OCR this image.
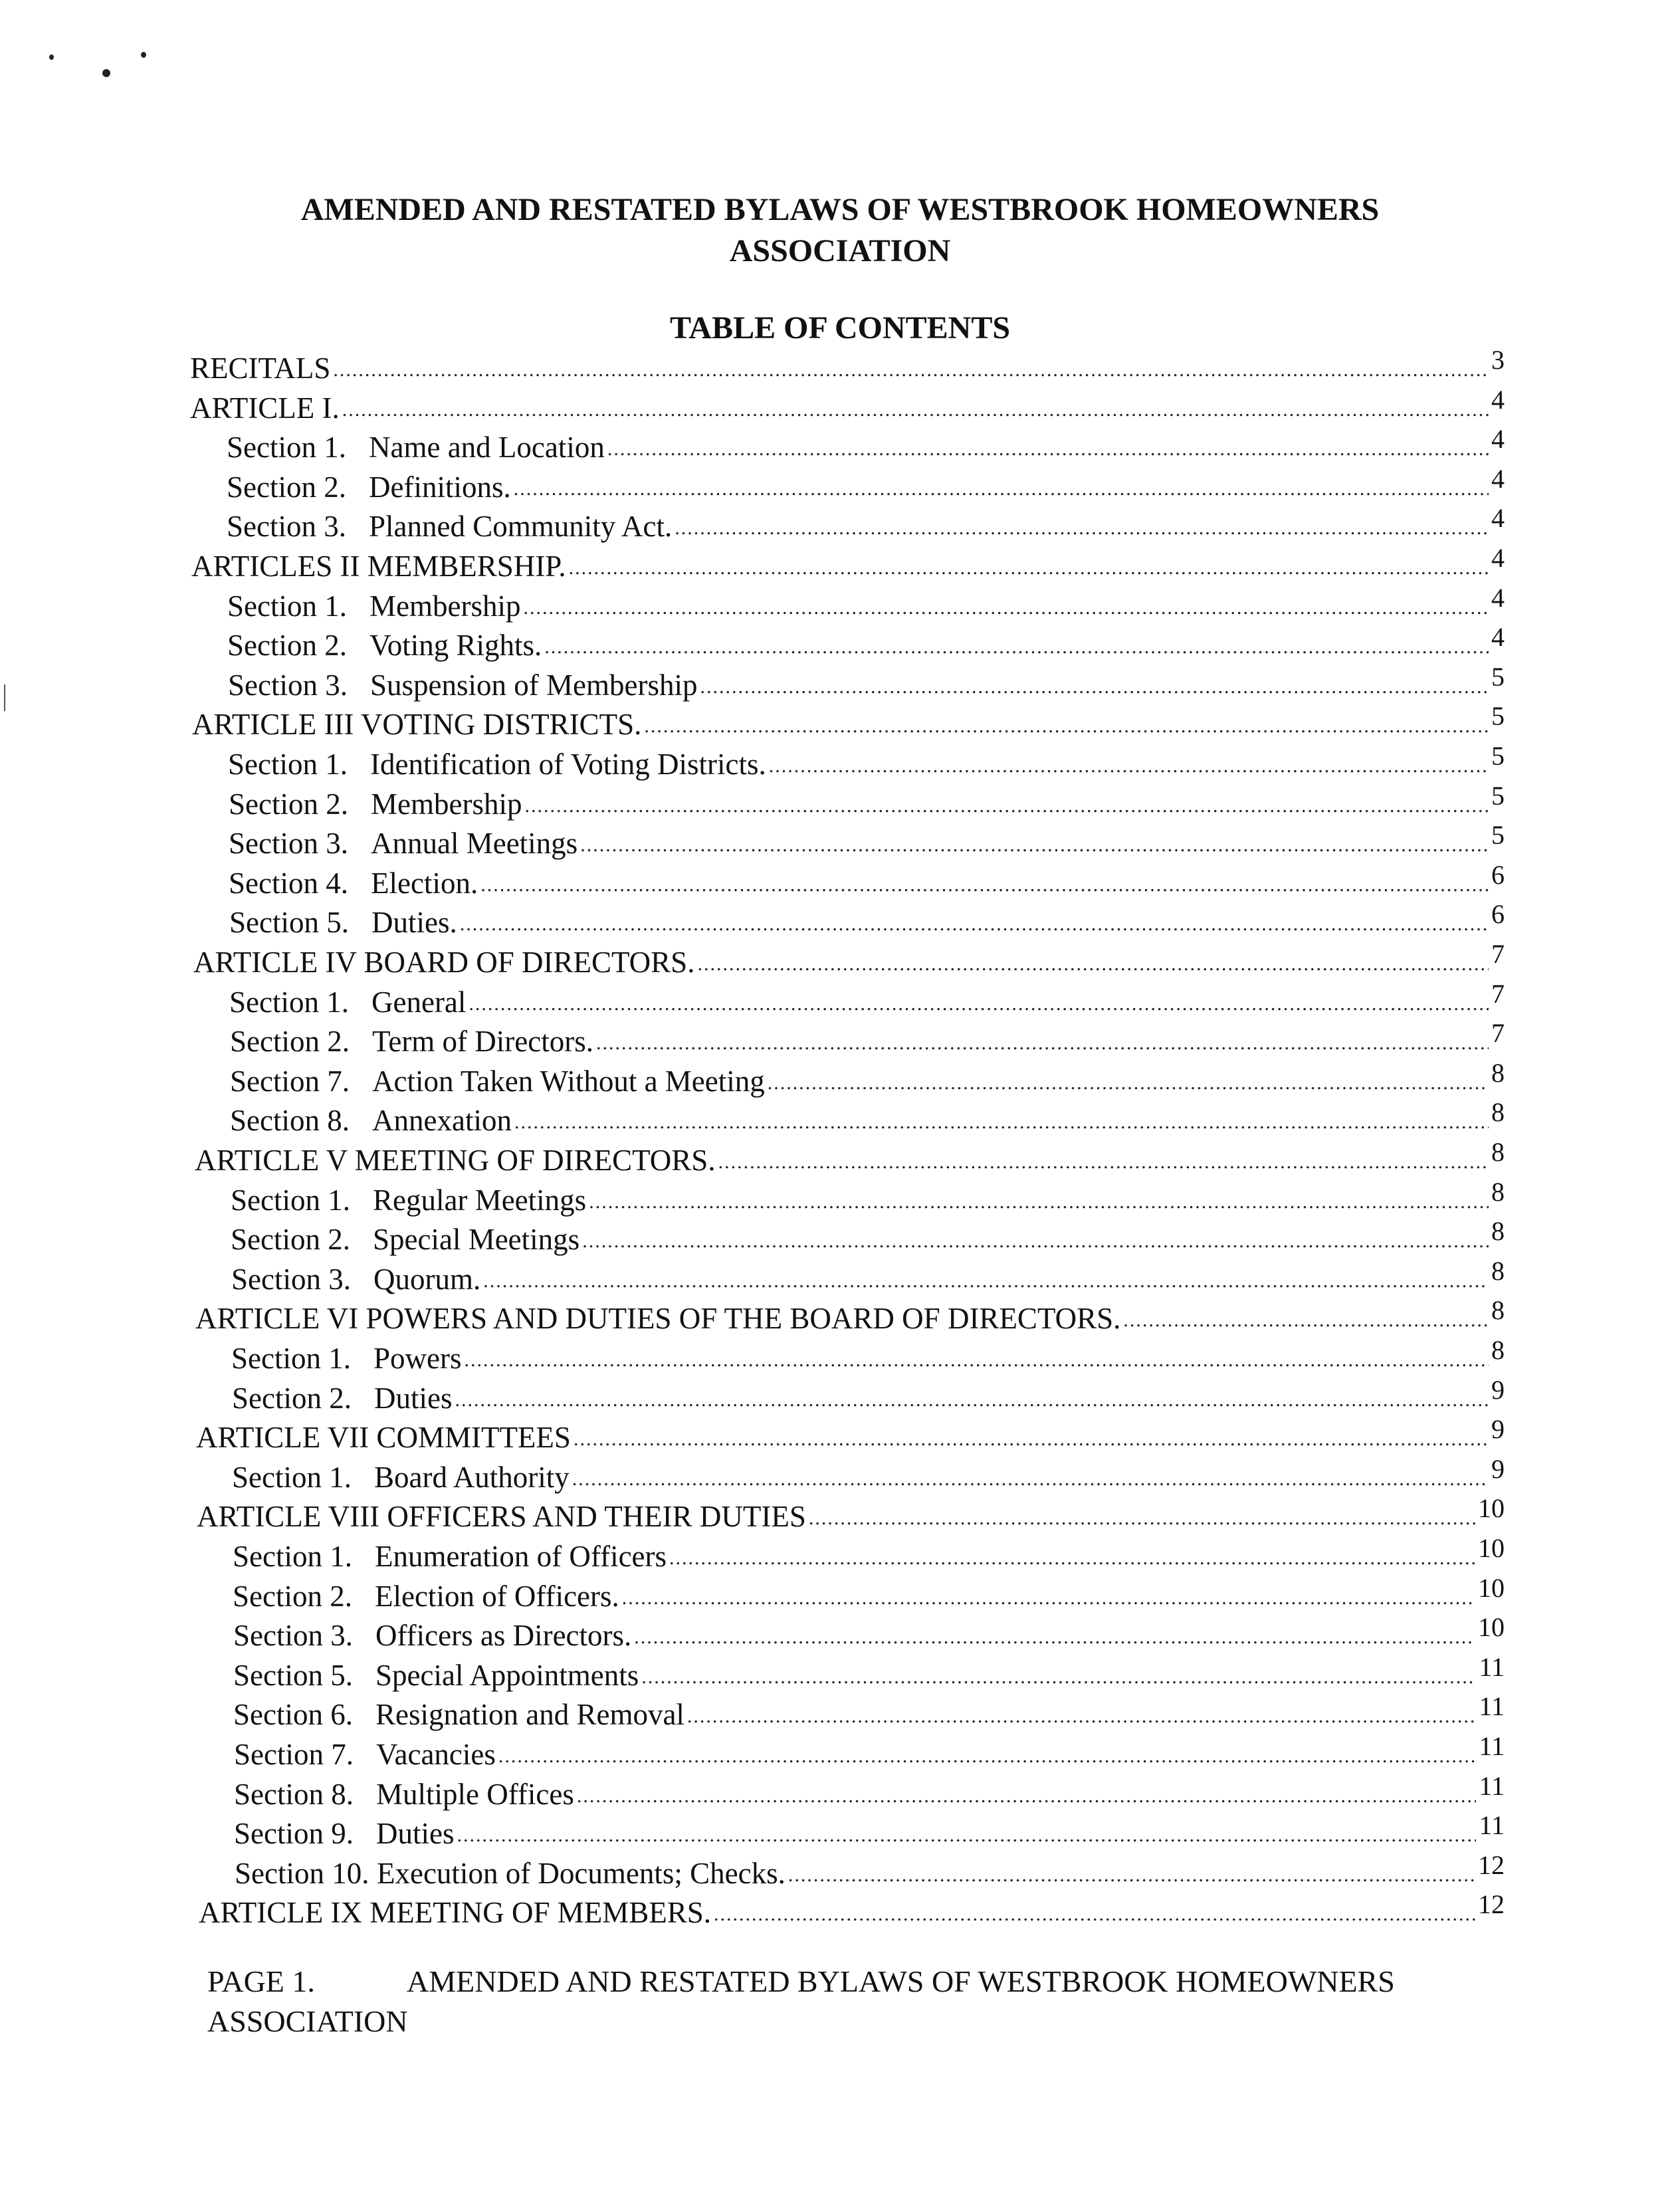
AMENDED AND RESTATED BYLAWS OF WESTBROOK HOMEOWNERS
ASSOCIATION
TABLE OF CONTENTS
RECITALS .....	3
ARTICLE I. .....	4
Section 1. Name and Location .....	4
Section 2. Definitions. .....	4
Section 3. Planned Community Act. .....	4
ARTICLES II MEMBERSHIP. .....	4
Section 1. Membership .....	4
Section 2. Voting Rights. .....	4
Section 3. Suspension of Membership .....	5
ARTICLE III VOTING DISTRICTS. .....	5
Section 1. Identification of Voting Districts. .....	5
Section 2. Membership .....	5
Section 3. Annual Meetings .....	5
Section 4. Election. .....	6
Section 5. Duties. .....	6
ARTICLE IV BOARD OF DIRECTORS. .....	7
Section 1. General .....	7
Section 2. Term of Directors. .....	7
Section 7. Action Taken Without a Meeting .....	8
Section 8. Annexation .....	8
ARTICLE V MEETING OF DIRECTORS. .....	8
Section 1. Regular Meetings .....	8
Section 2. Special Meetings .....	8
Section 3. Quorum. .....	8
ARTICLE VI POWERS AND DUTIES OF THE BOARD OF DIRECTORS. .....	8
Section 1. Powers .....	8
Section 2. Duties .....	9
ARTICLE VII COMMITTEES .....	9
Section 1. Board Authority .....	9
ARTICLE VIII OFFICERS AND THEIR DUTIES .....	10
Section 1. Enumeration of Officers .....	10
Section 2. Election of Officers. .....	10
Section 3. Officers as Directors. .....	10
Section 5. Special Appointments .....	11
Section 6. Resignation and Removal .....	11
Section 7. Vacancies .....	11
Section 8. Multiple Offices .....	11
Section 9. Duties .....	11
Section 10. Execution of Documents; Checks. .....	12
ARTICLE IX MEETING OF MEMBERS. .....	12
PAGE 1.	AMENDED AND RESTATED BYLAWS OF WESTBROOK HOMEOWNERS
ASSOCIATION
